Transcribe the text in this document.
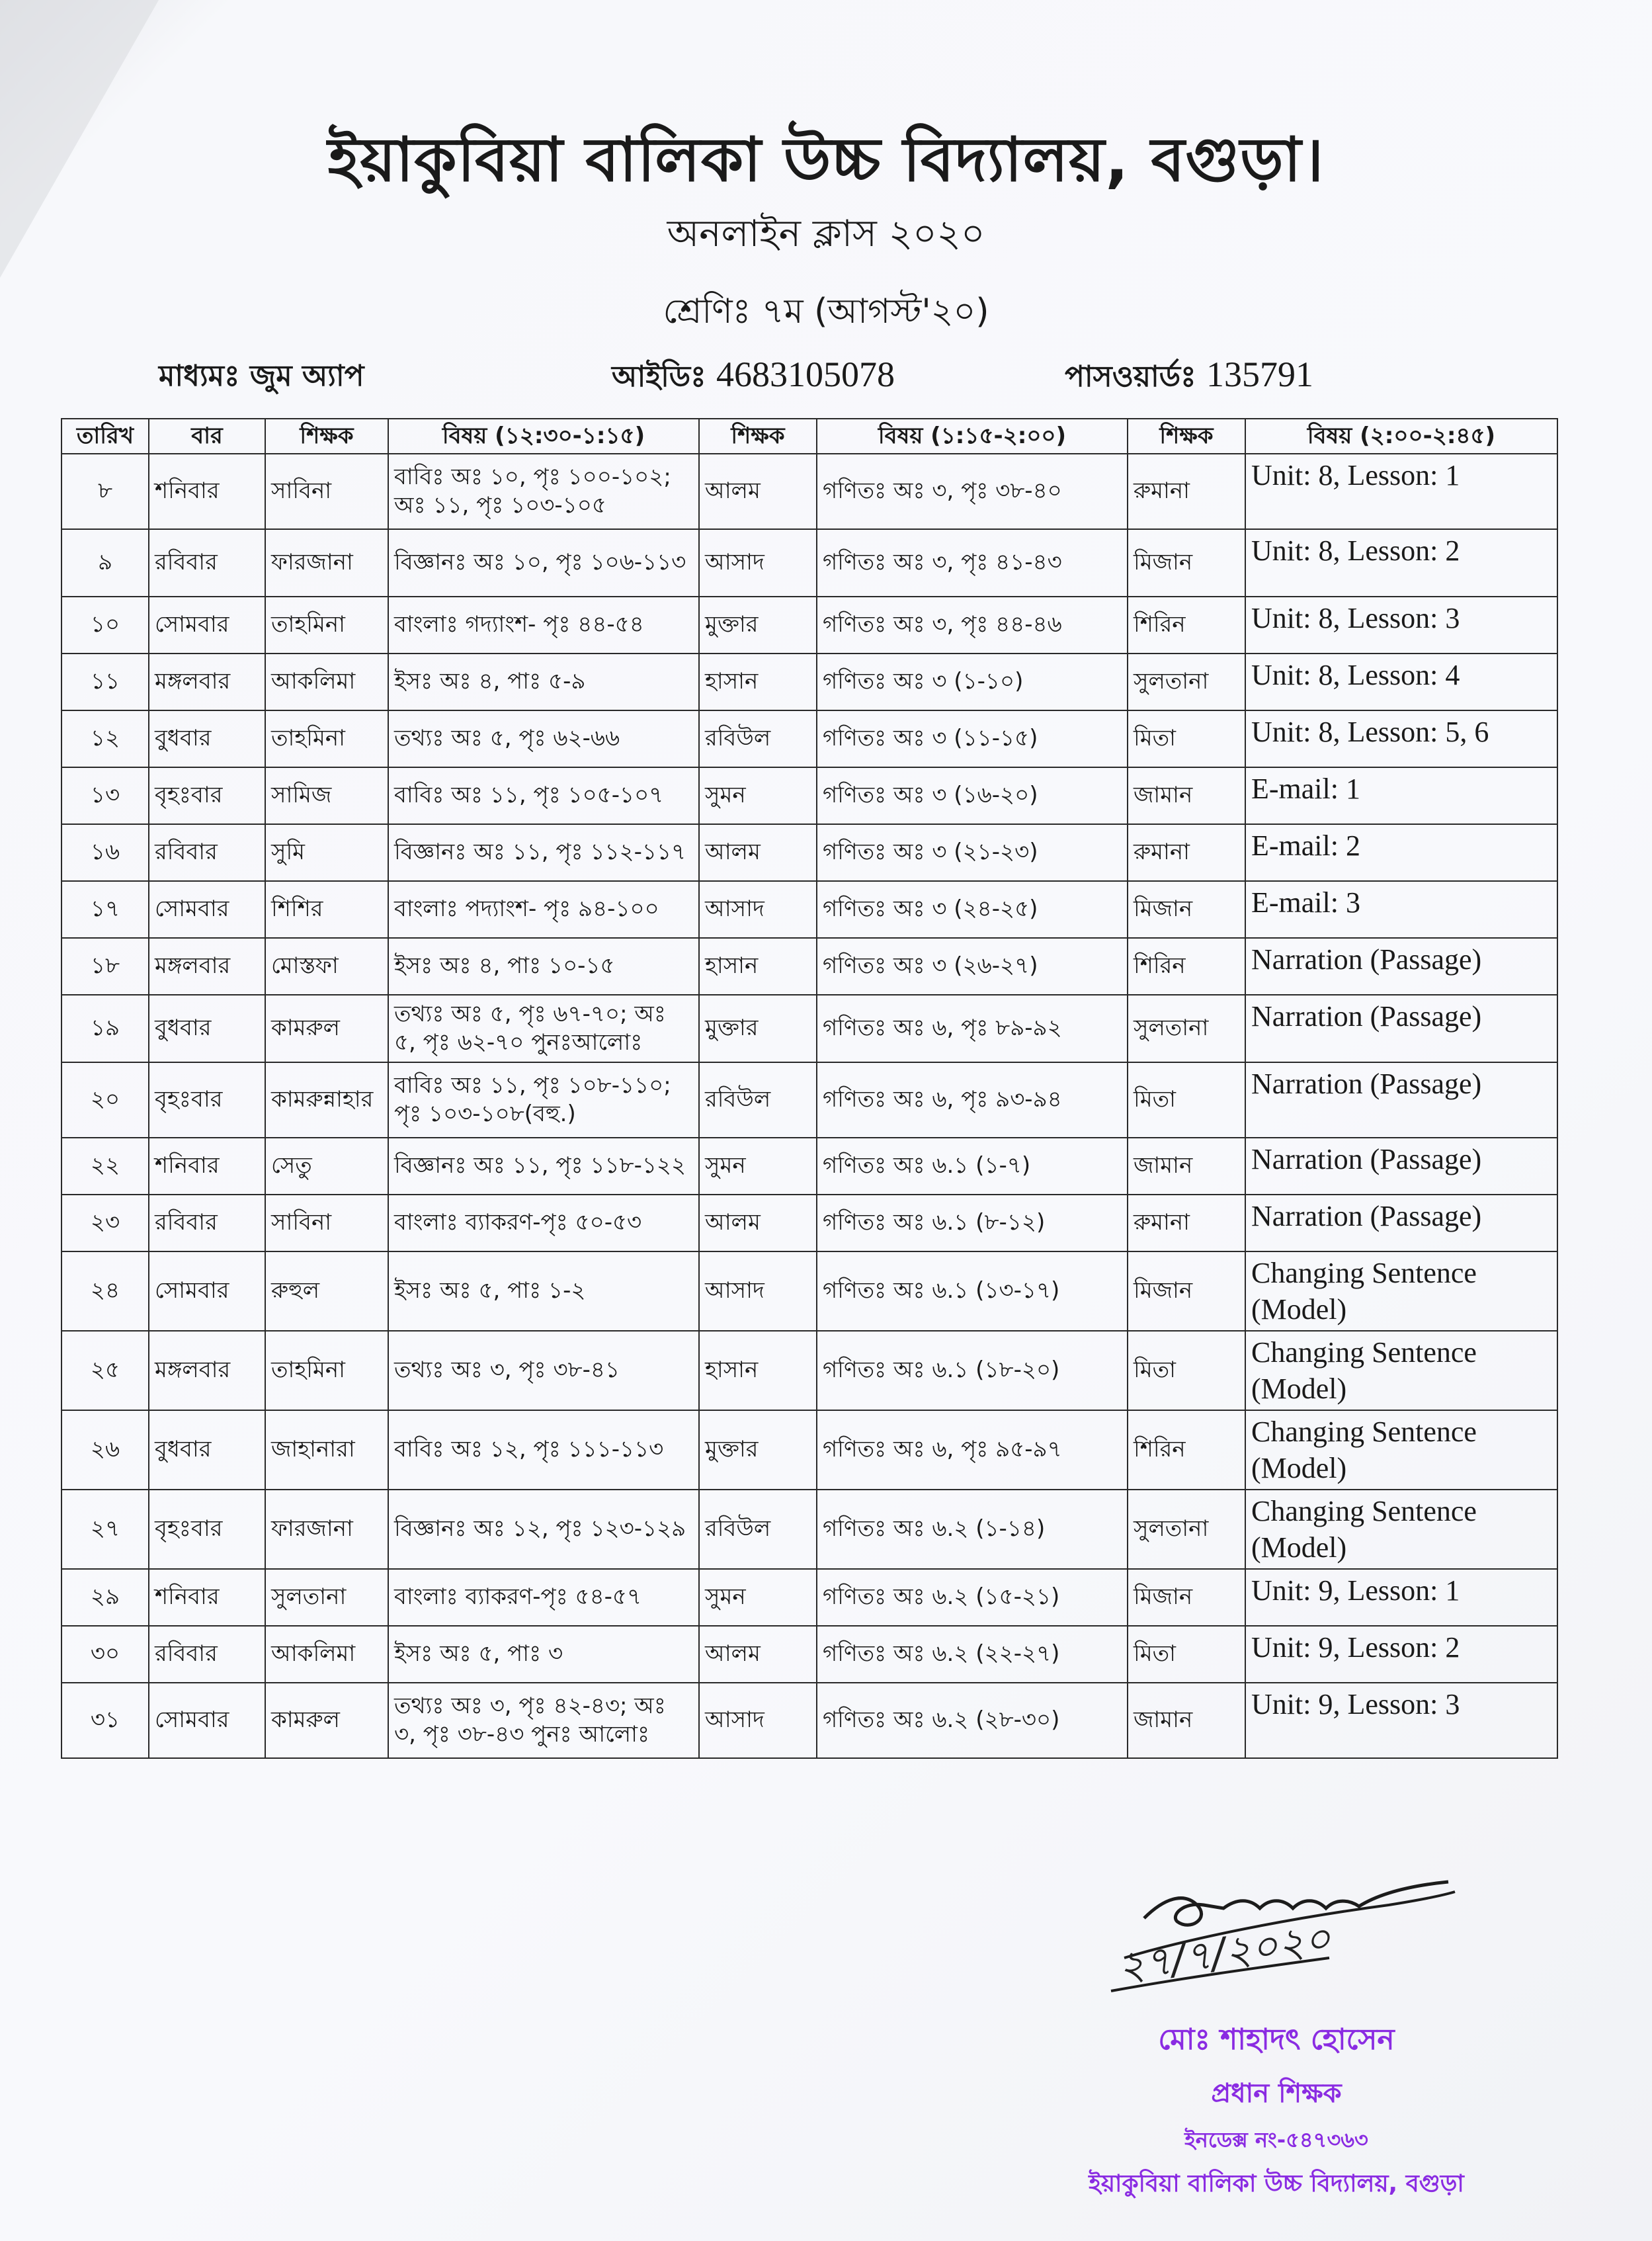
ইয়াকুবিয়া বালিকা উচ্চ বিদ্যালয়, বগুড়া।
অনলাইন ক্লাস ২০২০
শ্রেণিঃ ৭ম (আগস্ট'২০)
মাধ্যমঃ জুম অ্যাপ	আইডিঃ 4683105078	পাসওয়ার্ডঃ 135791
তারিখ	বার	শিক্ষক	বিষয় (১২:৩০-১:১৫)	শিক্ষক	বিষয় (১:১৫-২:০০)	শিক্ষক	বিষয় (২:০০-২:৪৫)
৮	শনিবার	সাবিনা	বাবিঃ অঃ ১০, পৃঃ ১০০-১০২; অঃ ১১, পৃঃ ১০৩-১০৫	আলম	গণিতঃ অঃ ৩, পৃঃ ৩৮-৪০	রুমানা	Unit: 8, Lesson: 1
৯	রবিবার	ফারজানা	বিজ্ঞানঃ অঃ ১০, পৃঃ ১০৬-১১৩	আসাদ	গণিতঃ অঃ ৩, পৃঃ ৪১-৪৩	মিজান	Unit: 8, Lesson: 2
১০	সোমবার	তাহমিনা	বাংলাঃ গদ্যাংশ- পৃঃ ৪৪-৫৪	মুক্তার	গণিতঃ অঃ ৩, পৃঃ ৪৪-৪৬	শিরিন	Unit: 8, Lesson: 3
১১	মঙ্গলবার	আকলিমা	ইসঃ অঃ ৪, পাঃ ৫-৯	হাসান	গণিতঃ অঃ ৩ (১-১০)	সুলতানা	Unit: 8, Lesson: 4
১২	বুধবার	তাহমিনা	তথ্যঃ অঃ ৫, পৃঃ ৬২-৬৬	রবিউল	গণিতঃ অঃ ৩ (১১-১৫)	মিতা	Unit: 8, Lesson: 5, 6
১৩	বৃহঃবার	সামিজ	বাবিঃ অঃ ১১, পৃঃ ১০৫-১০৭	সুমন	গণিতঃ অঃ ৩ (১৬-২০)	জামান	E-mail: 1
১৬	রবিবার	সুমি	বিজ্ঞানঃ অঃ ১১, পৃঃ ১১২-১১৭	আলম	গণিতঃ অঃ ৩ (২১-২৩)	রুমানা	E-mail: 2
১৭	সোমবার	শিশির	বাংলাঃ পদ্যাংশ- পৃঃ ৯৪-১০০	আসাদ	গণিতঃ অঃ ৩ (২৪-২৫)	মিজান	E-mail: 3
১৮	মঙ্গলবার	মোস্তফা	ইসঃ অঃ ৪, পাঃ ১০-১৫	হাসান	গণিতঃ অঃ ৩ (২৬-২৭)	শিরিন	Narration (Passage)
১৯	বুধবার	কামরুল	তথ্যঃ অঃ ৫, পৃঃ ৬৭-৭০; অঃ ৫, পৃঃ ৬২-৭০ পুনঃআলোঃ	মুক্তার	গণিতঃ অঃ ৬, পৃঃ ৮৯-৯২	সুলতানা	Narration (Passage)
২০	বৃহঃবার	কামরুন্নাহার	বাবিঃ অঃ ১১, পৃঃ ১০৮-১১০; পৃঃ ১০৩-১০৮(বহু.)	রবিউল	গণিতঃ অঃ ৬, পৃঃ ৯৩-৯৪	মিতা	Narration (Passage)
২২	শনিবার	সেতু	বিজ্ঞানঃ অঃ ১১, পৃঃ ১১৮-১২২	সুমন	গণিতঃ অঃ ৬.১ (১-৭)	জামান	Narration (Passage)
২৩	রবিবার	সাবিনা	বাংলাঃ ব্যাকরণ-পৃঃ ৫০-৫৩	আলম	গণিতঃ অঃ ৬.১ (৮-১২)	রুমানা	Narration (Passage)
২৪	সোমবার	রুহুল	ইসঃ অঃ ৫, পাঃ ১-২	আসাদ	গণিতঃ অঃ ৬.১ (১৩-১৭)	মিজান	Changing Sentence (Model)
২৫	মঙ্গলবার	তাহমিনা	তথ্যঃ অঃ ৩, পৃঃ ৩৮-৪১	হাসান	গণিতঃ অঃ ৬.১ (১৮-২০)	মিতা	Changing Sentence (Model)
২৬	বুধবার	জাহানারা	বাবিঃ অঃ ১২, পৃঃ ১১১-১১৩	মুক্তার	গণিতঃ অঃ ৬, পৃঃ ৯৫-৯৭	শিরিন	Changing Sentence (Model)
২৭	বৃহঃবার	ফারজানা	বিজ্ঞানঃ অঃ ১২, পৃঃ ১২৩-১২৯	রবিউল	গণিতঃ অঃ ৬.২ (১-১৪)	সুলতানা	Changing Sentence (Model)
২৯	শনিবার	সুলতানা	বাংলাঃ ব্যাকরণ-পৃঃ ৫৪-৫৭	সুমন	গণিতঃ অঃ ৬.২ (১৫-২১)	মিজান	Unit: 9, Lesson: 1
৩০	রবিবার	আকলিমা	ইসঃ অঃ ৫, পাঃ ৩	আলম	গণিতঃ অঃ ৬.২ (২২-২৭)	মিতা	Unit: 9, Lesson: 2
৩১	সোমবার	কামরুল	তথ্যঃ অঃ ৩, পৃঃ ৪২-৪৩; অঃ ৩, পৃঃ ৩৮-৪৩ পুনঃ আলোঃ	আসাদ	গণিতঃ অঃ ৬.২ (২৮-৩০)	জামান	Unit: 9, Lesson: 3
২৭/৭/২০২০
মোঃ শাহাদৎ হোসেন
প্রধান শিক্ষক
ইনডেক্স নং-৫৪৭৩৬৩
ইয়াকুবিয়া বালিকা উচ্চ বিদ্যালয়, বগুড়া
